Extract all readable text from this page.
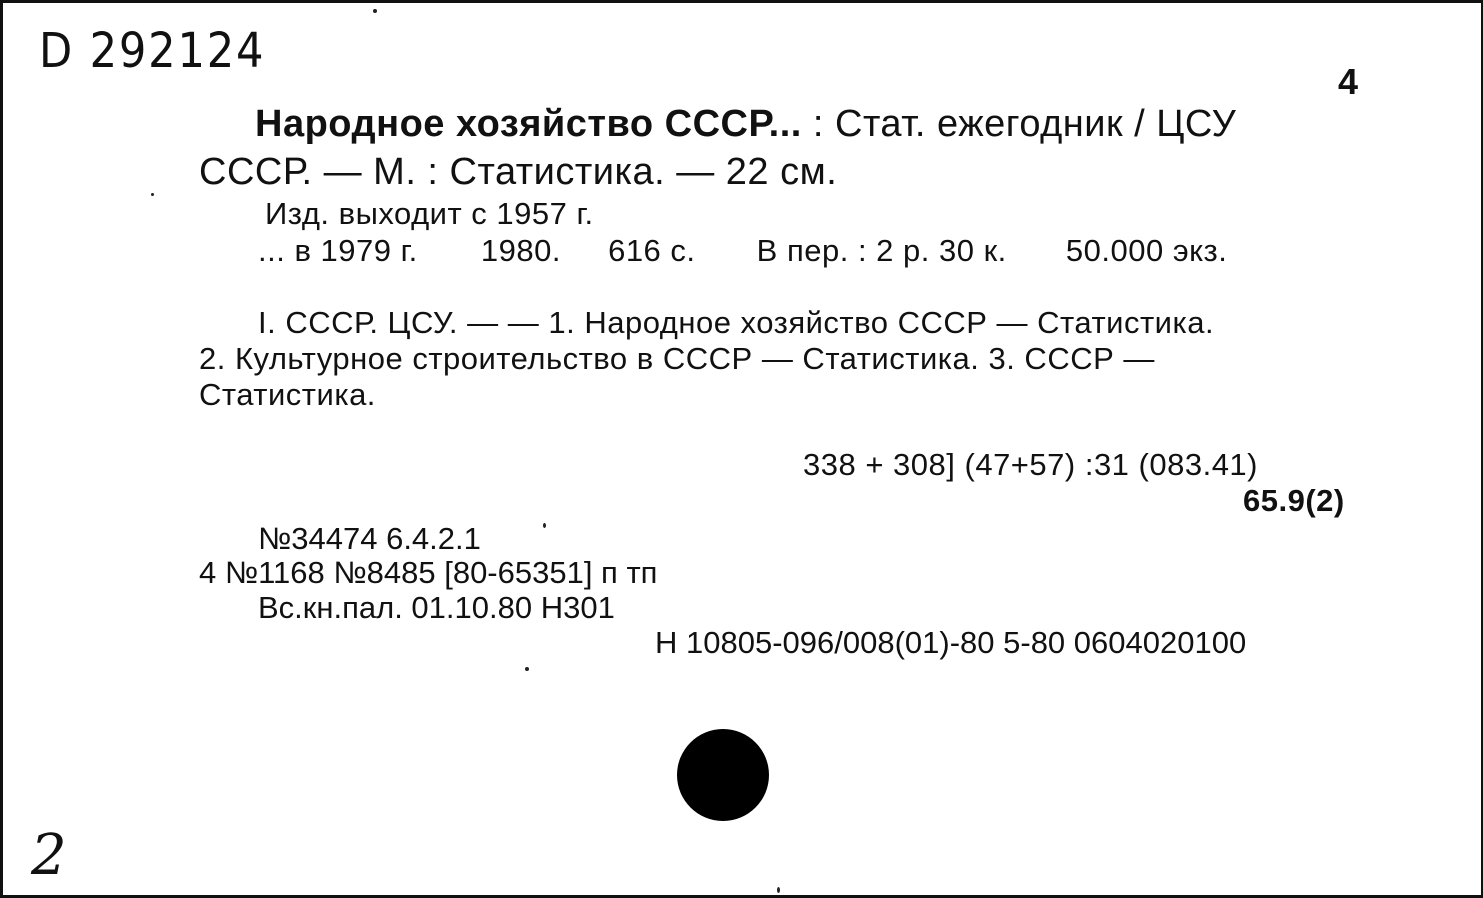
D 292124
4
Народное хозяйство СССР... : Стат. ежегодник / ЦСУ
СССР. — М. : Статистика. — 22 см.
Изд. выходит с 1957 г.
... в 1979 г. 1980. 616 с. В пер. : 2 р. 30 к. 50.000 экз.
I. СССР. ЦСУ. — — 1. Народное хозяйство СССР — Статистика.
2. Культурное строительство в СССР — Статистика. 3. СССР —
Статистика.
338 + 308] (47+57) :31 (083.41)
65.9(2)
№34474 6.4.2.1
4 №1168 №8485 [80-65351] п тп
Вс.кн.пал. 01.10.80 Н301
Н 10805-096/008(01)-80 5-80 0604020100
2
